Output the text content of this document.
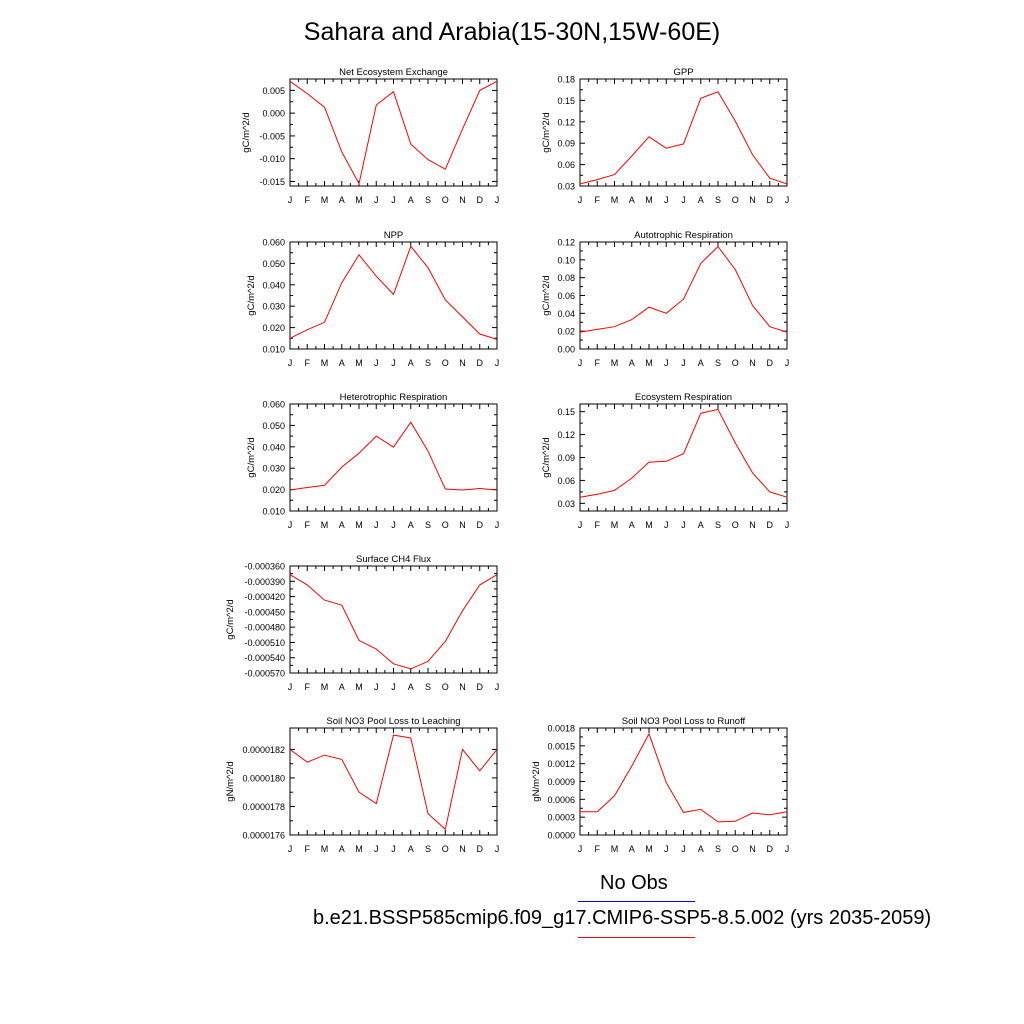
Sahara and Arabia(15-30N,15W-60E)
J F M A M J J A S O N D J
0.005
0.000
-0.005
-0.010
-0.015
Net Ecosystem Exchange
gC/m^2/d
J F M A M J J A S O N D J
0.18
0.15
0.12
0.09
0.06
0.03
GPP
gC/m^2/d
J F M A M J J A S O N D J
0.060
0.050
0.040
0.030
0.020
0.010
NPP
gC/m^2/d
J F M A M J J A S O N D J
0.12
0.10
0.08
0.06
0.04
0.02
0.00
Autotrophic Respiration
gC/m^2/d
J F M A M J J A S O N D J
0.060
0.050
0.040
0.030
0.020
0.010
Heterotrophic Respiration
gC/m^2/d
J F M A M J J A S O N D J
0.15
0.12
0.09
0.06
0.03
Ecosystem Respiration
gC/m^2/d
J F M A M J J A S O N D J
-0.000360
-0.000390
-0.000420
-0.000450
-0.000480
-0.000510
-0.000540
-0.000570
Surface CH4 Flux
gC/m^2/d
J F M A M J J A S O N D J
0.0000182
0.0000180
0.0000178
0.0000176
Soil NO3 Pool Loss to Leaching
gN/m^2/d
J F M A M J J A S O N D J
0.0018
0.0015
0.0012
0.0009
0.0006
0.0003
0.0000
Soil NO3 Pool Loss to Runoff
gN/m^2/d
No Obs
b.e21.BSSP585cmip6.f09_g17.CMIP6-SSP5-8.5.002 (yrs 2035-2059)
